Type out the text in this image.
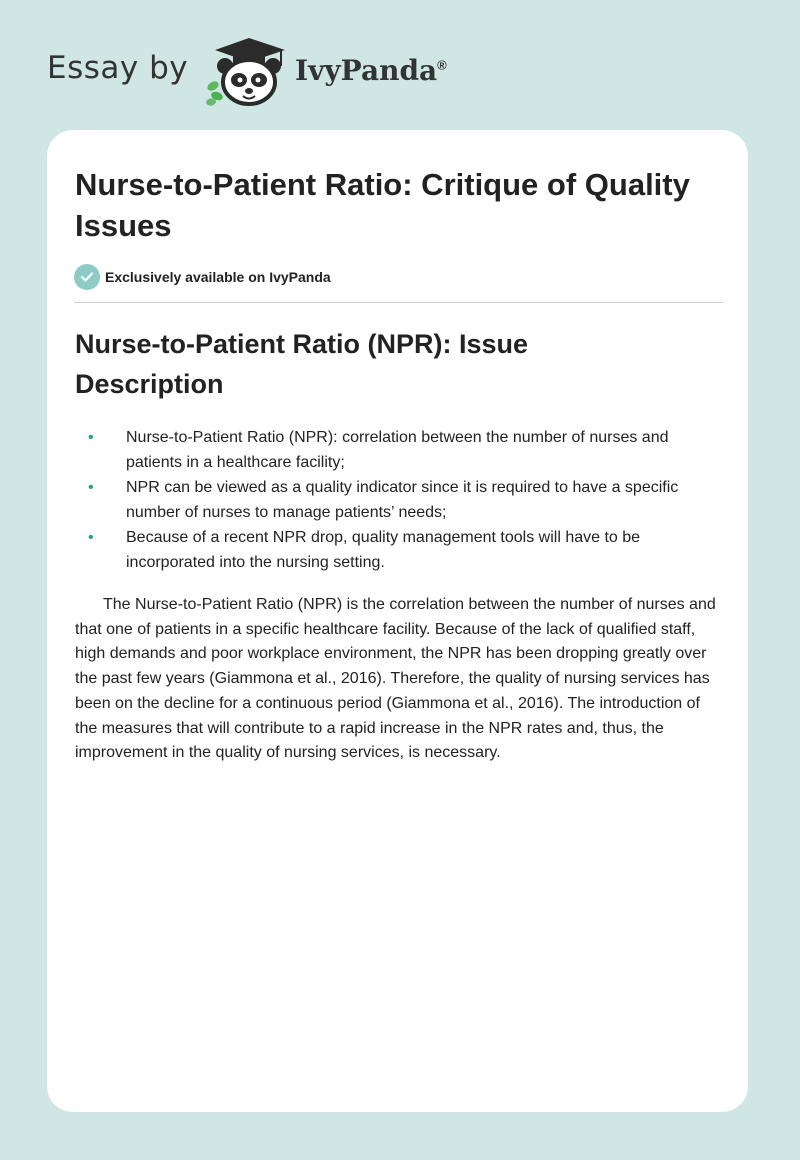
Essay by	IvyPanda®
Nurse-to-Patient Ratio: Critique of Quality Issues
Exclusively available on IvyPanda
Nurse-to-Patient Ratio (NPR): Issue Description
• Nurse-to-Patient Ratio (NPR): correlation between the number of nurses and patients in a healthcare facility;
• NPR can be viewed as a quality indicator since it is required to have a specific number of nurses to manage patients’ needs;
• Because of a recent NPR drop, quality management tools will have to be incorporated into the nursing setting.

The Nurse-to-Patient Ratio (NPR) is the correlation between the number of nurses and that one of patients in a specific healthcare facility. Because of the lack of qualified staff, high demands and poor workplace environment, the NPR has been dropping greatly over the past few years (Giammona et al., 2016). Therefore, the quality of nursing services has been on the decline for a continuous period (Giammona et al., 2016). The introduction of the measures that will contribute to a rapid increase in the NPR rates and, thus, the improvement in the quality of nursing services, is necessary.
